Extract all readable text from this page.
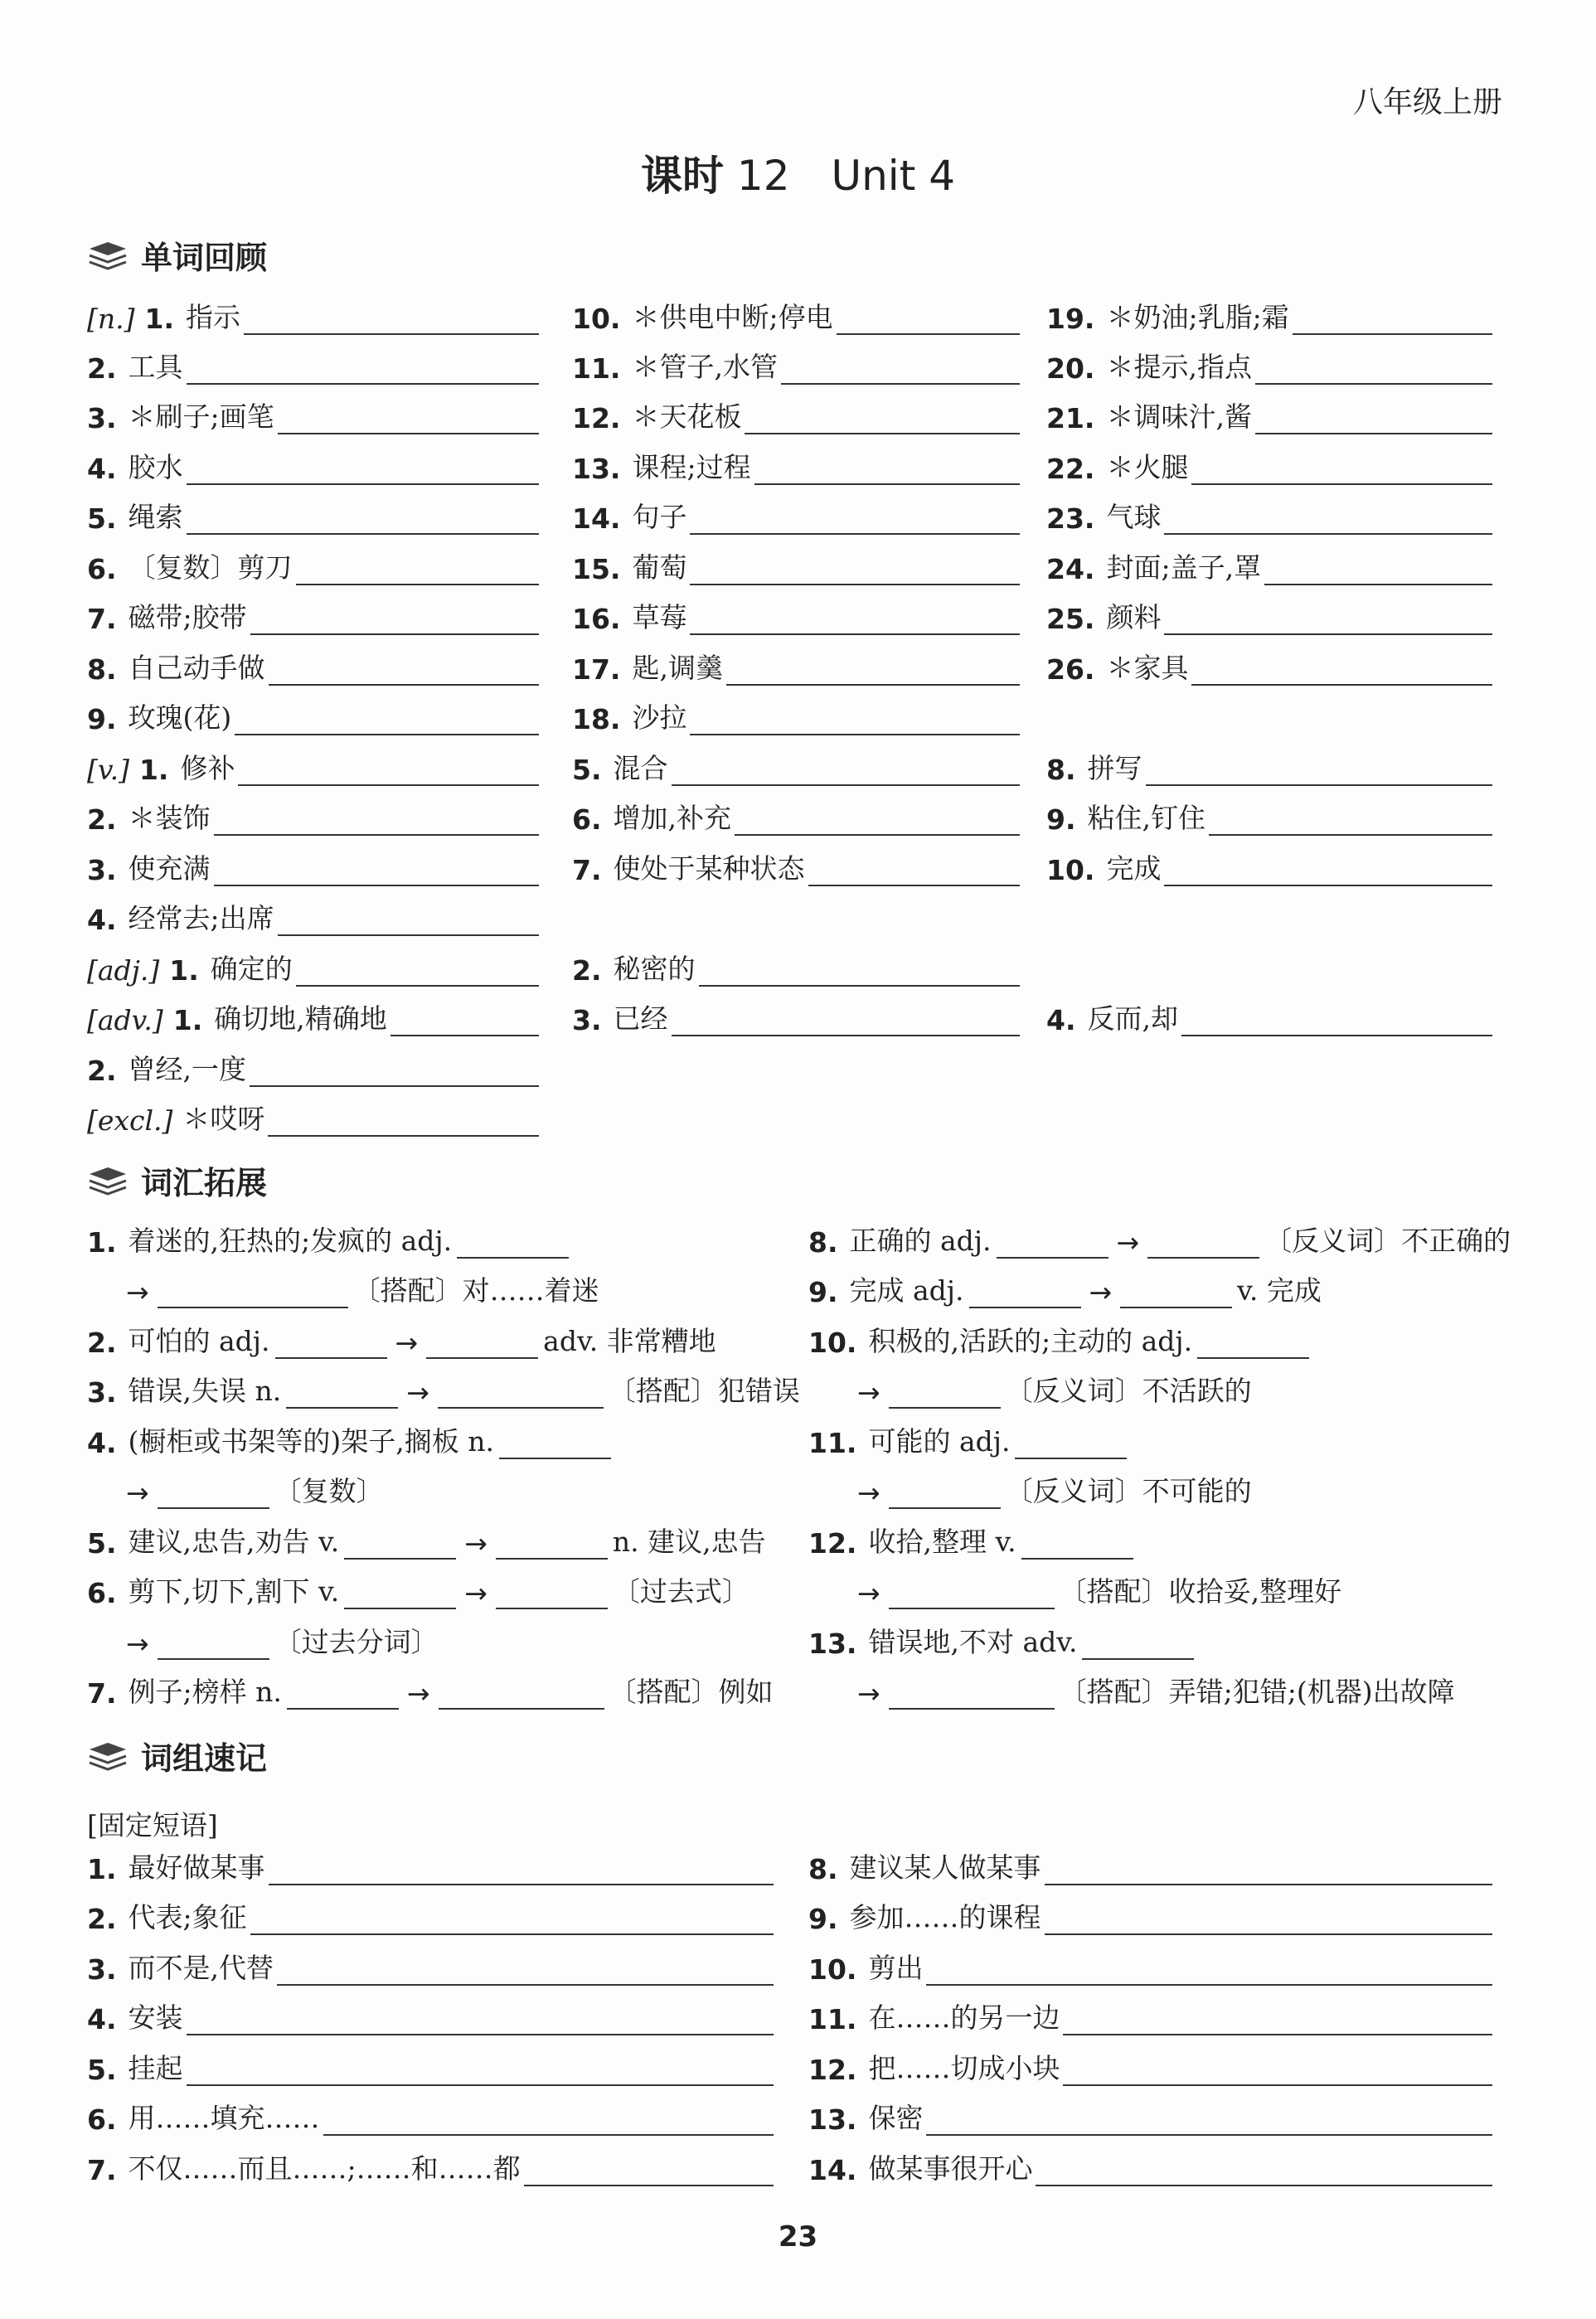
八年级上册
课时 12　Unit 4
单词回顾
[n.] 1. 指示
2. 工具
3. ＊刷子;画笔
4. 胶水
5. 绳索
6. 〔复数〕剪刀
7. 磁带;胶带
8. 自己动手做
9. 玫瑰(花)
10. ＊供电中断;停电
11. ＊管子,水管
12. ＊天花板
13. 课程;过程
14. 句子
15. 葡萄
16. 草莓
17. 匙,调羹
18. 沙拉
19. ＊奶油;乳脂;霜
20. ＊提示,指点
21. ＊调味汁,酱
22. ＊火腿
23. 气球
24. 封面;盖子,罩
25. 颜料
26. ＊家具
[v.] 1. 修补
2. ＊装饰
3. 使充满
4. 经常去;出席
5. 混合
6. 增加,补充
7. 使处于某种状态
8. 拼写
9. 粘住,钉住
10. 完成
[adj.] 1. 确定的	2. 秘密的
[adv.] 1. 确切地,精确地
2. 曾经,一度
3. 已经	4. 反而,却
[excl.] ＊哎呀
词汇拓展
1. 着迷的,狂热的;发疯的 adj.
→	〔搭配〕对……着迷
2. 可怕的 adj.	→	adv. 非常糟地
3. 错误,失误 n.	→	〔搭配〕犯错误
4. (橱柜或书架等的)架子,搁板 n.
→	〔复数〕
5. 建议,忠告,劝告 v.	→	n. 建议,忠告
6. 剪下,切下,割下 v.	→	〔过去式〕
→	〔过去分词〕
7. 例子;榜样 n.	→	〔搭配〕例如
8. 正确的 adj.	→	〔反义词〕不正确的
9. 完成 adj.	→	v. 完成
10. 积极的,活跃的;主动的 adj.
→	〔反义词〕不活跃的
11. 可能的 adj.
→	〔反义词〕不可能的
12. 收拾,整理 v.
→	〔搭配〕收拾妥,整理好
13. 错误地,不对 adv.
→	〔搭配〕弄错;犯错;(机器)出故障
词组速记
[固定短语]
1. 最好做某事
2. 代表;象征
3. 而不是,代替
4. 安装
5. 挂起
6. 用……填充……
7. 不仅……而且……;……和……都
8. 建议某人做某事
9. 参加……的课程
10. 剪出
11. 在……的另一边
12. 把……切成小块
13. 保密
14. 做某事很开心
23
